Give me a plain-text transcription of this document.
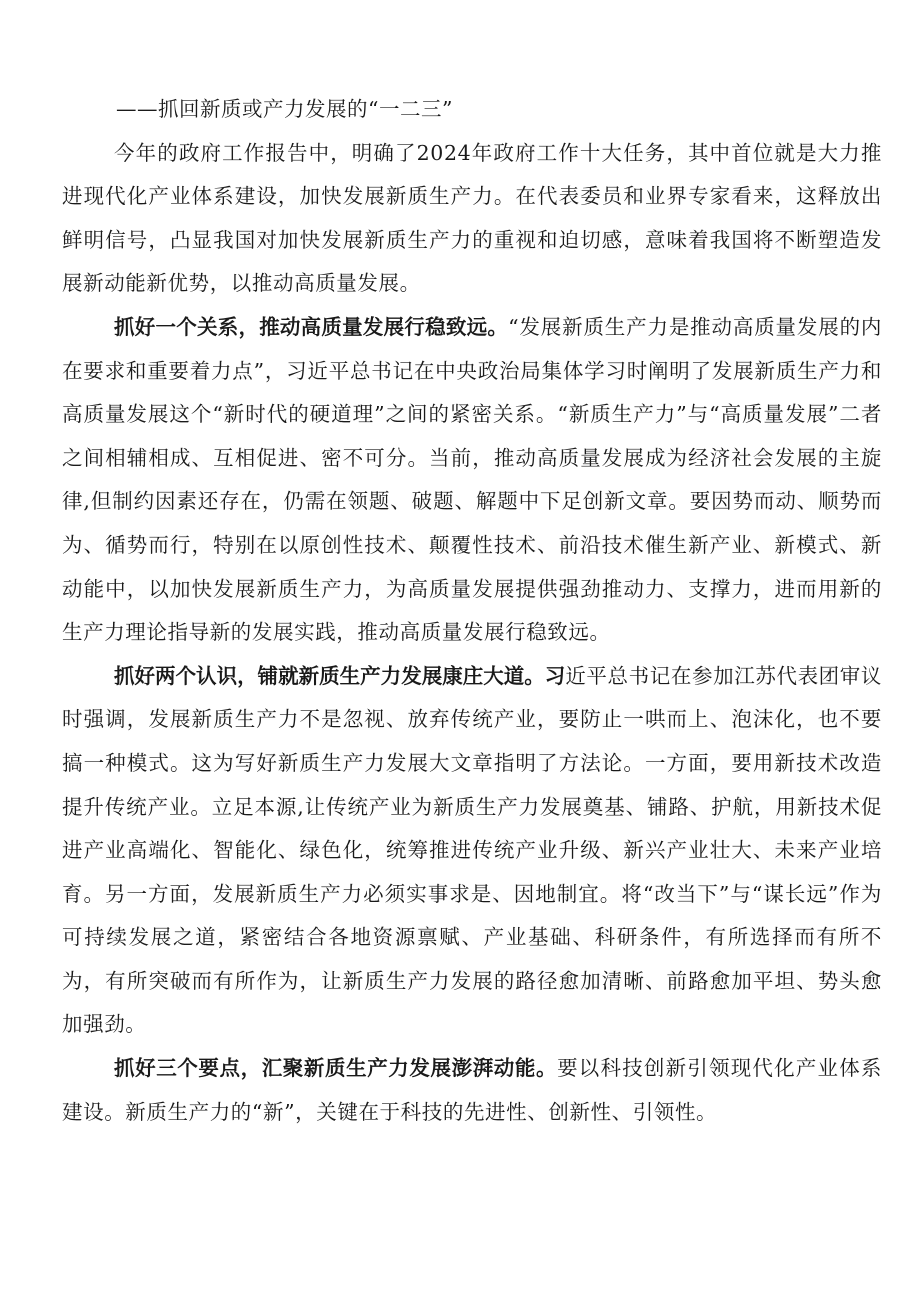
——抓回新质或产力发展的“一二三”

今年的政府工作报告中，明确了2024年政府工作十大任务，其中首位就是大力推进现代化产业体系建设，加快发展新质生产力。在代表委员和业界专家看来，这释放出鲜明信号，凸显我国对加快发展新质生产力的重视和迫切感，意味着我国将不断塑造发展新动能新优势，以推动高质量发展。

抓好一个关系，推动高质量发展行稳致远。“发展新质生产力是推动高质量发展的内在要求和重要着力点”，习近平总书记在中央政治局集体学习时阐明了发展新质生产力和高质量发展这个“新时代的硬道理”之间的紧密关系。“新质生产力”与“高质量发展”二者之间相辅相成、互相促进、密不可分。当前，推动高质量发展成为经济社会发展的主旋律,但制约因素还存在，仍需在领题、破题、解题中下足创新文章。要因势而动、顺势而为、循势而行，特别在以原创性技术、颠覆性技术、前沿技术催生新产业、新模式、新动能中，以加快发展新质生产力，为高质量发展提供强劲推动力、支撑力，进而用新的生产力理论指导新的发展实践，推动高质量发展行稳致远。

抓好两个认识，铺就新质生产力发展康庄大道。习近平总书记在参加江苏代表团审议时强调，发展新质生产力不是忽视、放弃传统产业，要防止一哄而上、泡沫化，也不要搞一种模式。这为写好新质生产力发展大文章指明了方法论。一方面，要用新技术改造提升传统产业。立足本源,让传统产业为新质生产力发展奠基、铺路、护航，用新技术促进产业高端化、智能化、绿色化，统筹推进传统产业升级、新兴产业壮大、未来产业培育。另一方面，发展新质生产力必须实事求是、因地制宜。将“改当下”与“谋长远”作为可持续发展之道，紧密结合各地资源禀赋、产业基础、科研条件，有所选择而有所不为，有所突破而有所作为，让新质生产力发展的路径愈加清晰、前路愈加平坦、势头愈加强劲。

抓好三个要点，汇聚新质生产力发展澎湃动能。要以科技创新引领现代化产业体系建设。新质生产力的“新”，关键在于科技的先进性、创新性、引领性。
